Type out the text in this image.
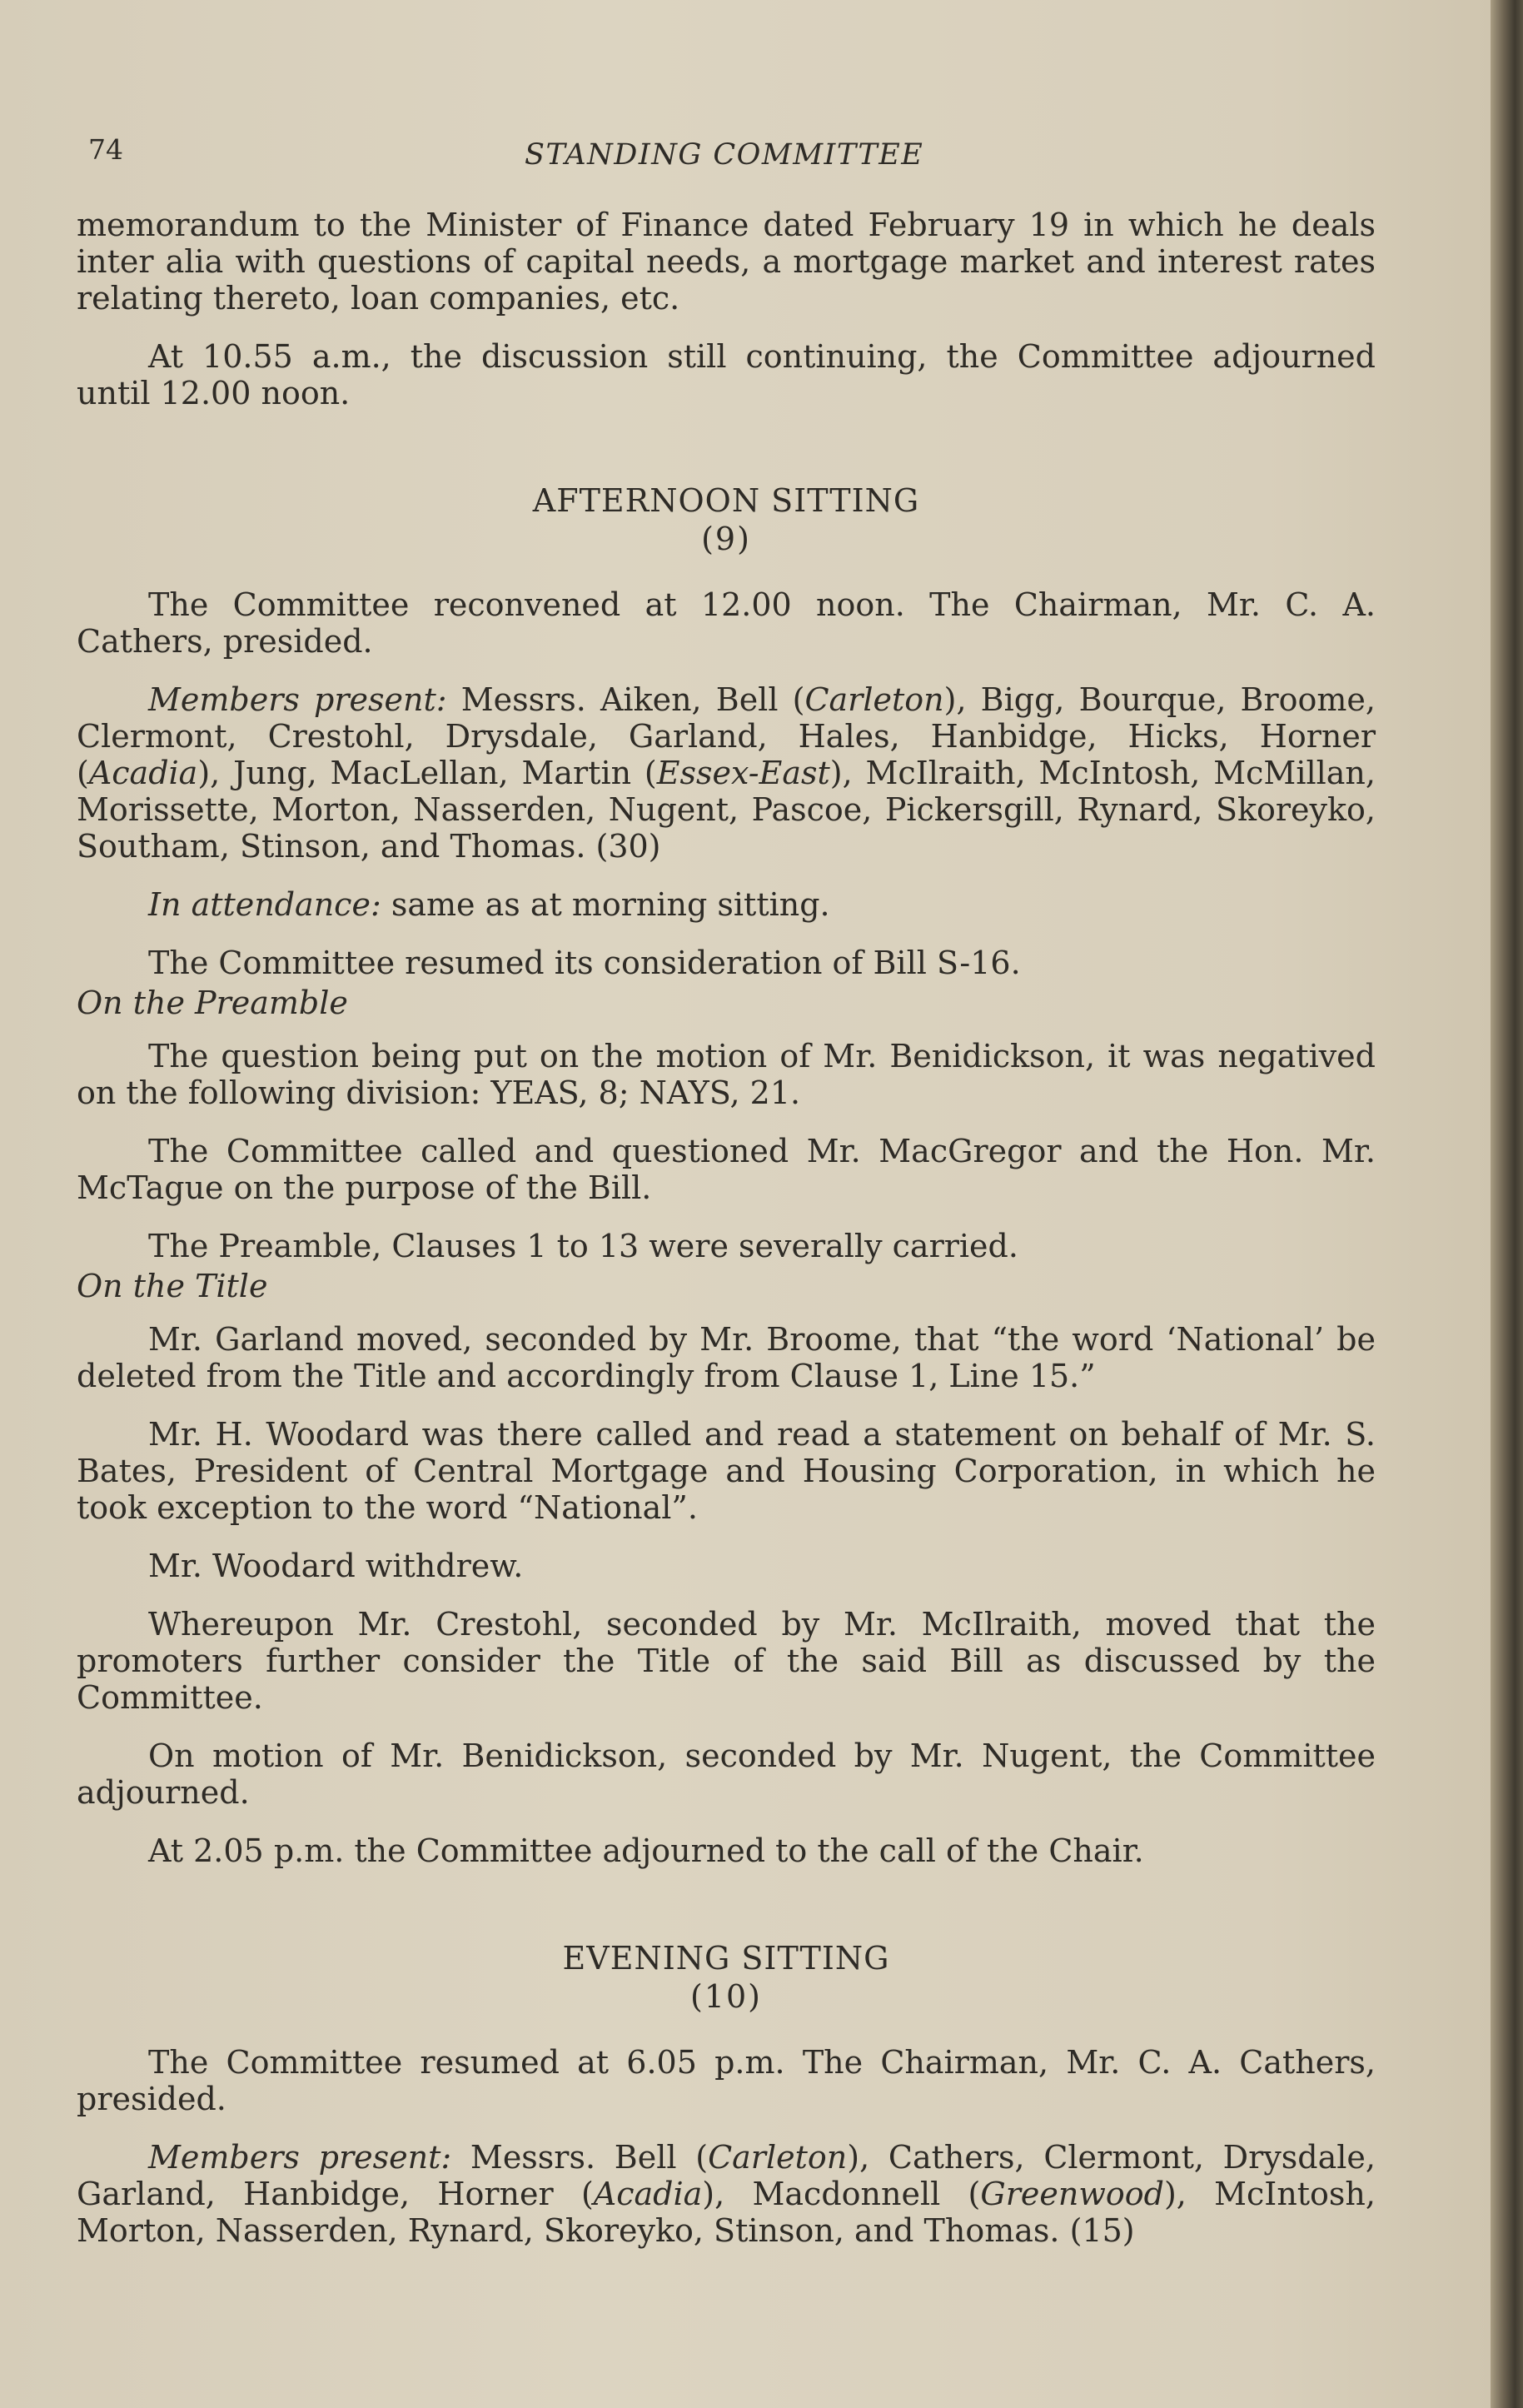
74	STANDING COMMITTEE

memorandum to the Minister of Finance dated February 19 in which he deals inter alia with questions of capital needs, a mortgage market and interest rates relating thereto, loan companies, etc.

At 10.55 a.m., the discussion still continuing, the Committee adjourned until 12.00 noon.

AFTERNOON SITTING
(9)

The Committee reconvened at 12.00 noon. The Chairman, Mr. C. A. Cathers, presided.

Members present: Messrs. Aiken, Bell (Carleton), Bigg, Bourque, Broome, Clermont, Crestohl, Drysdale, Garland, Hales, Hanbidge, Hicks, Horner (Acadia), Jung, MacLellan, Martin (Essex-East), McIlraith, McIntosh, McMillan, Morissette, Morton, Nasserden, Nugent, Pascoe, Pickersgill, Rynard, Skoreyko, Southam, Stinson, and Thomas. (30)

In attendance: same as at morning sitting.

The Committee resumed its consideration of Bill S-16.

On the Preamble

The question being put on the motion of Mr. Benidickson, it was negatived on the following division: YEAS, 8; NAYS, 21.

The Committee called and questioned Mr. MacGregor and the Hon. Mr. McTague on the purpose of the Bill.

The Preamble, Clauses 1 to 13 were severally carried.

On the Title

Mr. Garland moved, seconded by Mr. Broome, that “the word ‘National’ be deleted from the Title and accordingly from Clause 1, Line 15.”

Mr. H. Woodard was there called and read a statement on behalf of Mr. S. Bates, President of Central Mortgage and Housing Corporation, in which he took exception to the word “National”.

Mr. Woodard withdrew.

Whereupon Mr. Crestohl, seconded by Mr. McIlraith, moved that the promoters further consider the Title of the said Bill as discussed by the Committee.

On motion of Mr. Benidickson, seconded by Mr. Nugent, the Committee adjourned.

At 2.05 p.m. the Committee adjourned to the call of the Chair.

EVENING SITTING
(10)

The Committee resumed at 6.05 p.m. The Chairman, Mr. C. A. Cathers, presided.

Members present: Messrs. Bell (Carleton), Cathers, Clermont, Drysdale, Garland, Hanbidge, Horner (Acadia), Macdonnell (Greenwood), McIntosh, Morton, Nasserden, Rynard, Skoreyko, Stinson, and Thomas. (15)
